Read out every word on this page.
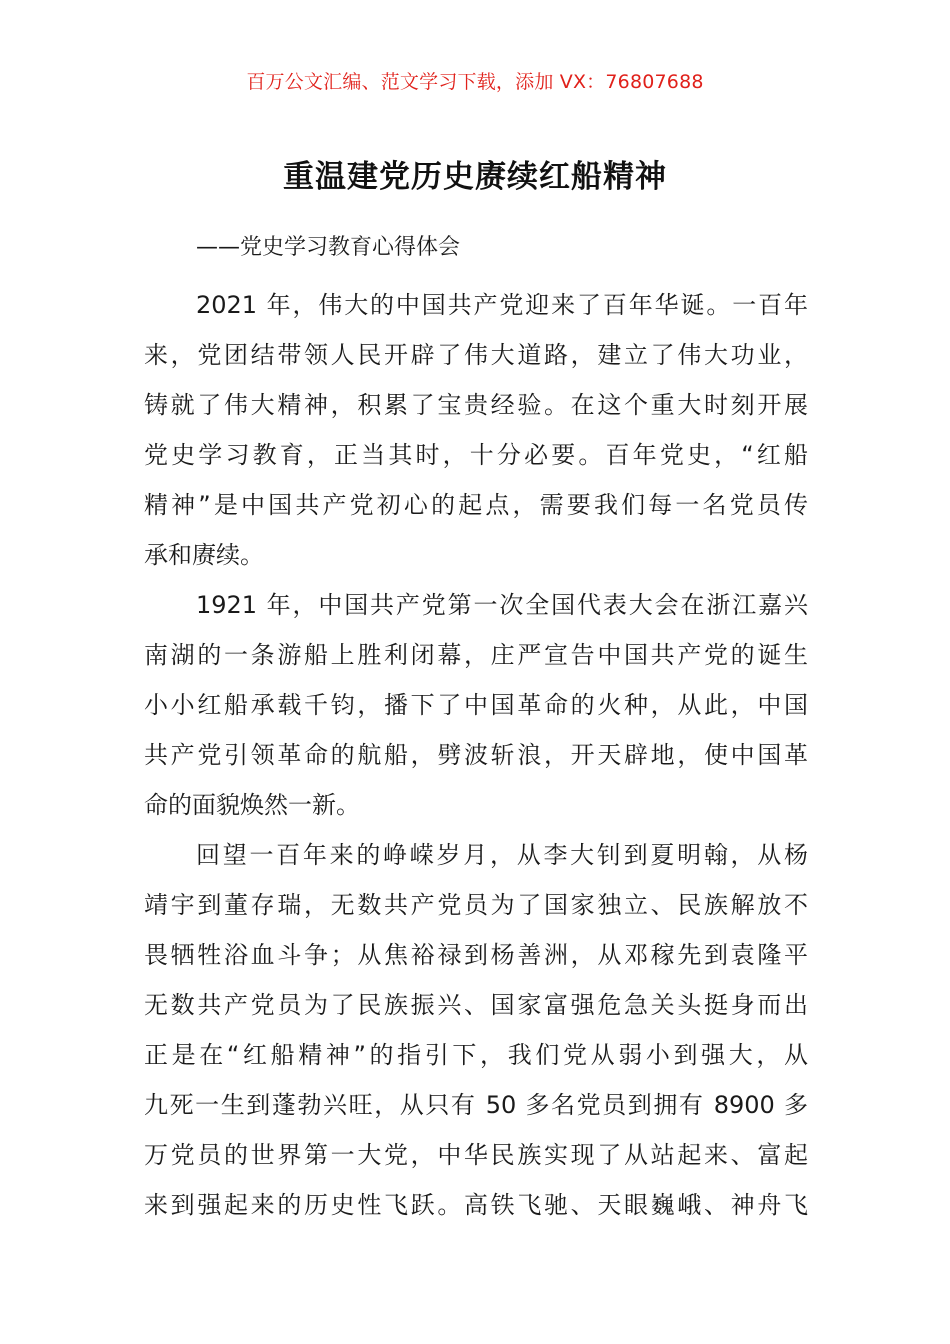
百万公文汇编、范文学习下载，添加 VX：76807688
重温建党历史赓续红船精神
——党史学习教育心得体会
2021 年，伟大的中国共产党迎来了百年华诞。一百年
来，党团结带领人民开辟了伟大道路，建立了伟大功业，
铸就了伟大精神，积累了宝贵经验。在这个重大时刻开展
党史学习教育，正当其时，十分必要。百年党史，“红船
精神”是中国共产党初心的起点，需要我们每一名党员传
承和赓续。
1921 年，中国共产党第一次全国代表大会在浙江嘉兴
南湖的一条游船上胜利闭幕，庄严宣告中国共产党的诞生
小小红船承载千钧，播下了中国革命的火种，从此，中国
共产党引领革命的航船，劈波斩浪，开天辟地，使中国革
命的面貌焕然一新。
回望一百年来的峥嵘岁月，从李大钊到夏明翰，从杨
靖宇到董存瑞，无数共产党员为了国家独立、民族解放不
畏牺牲浴血斗争；从焦裕禄到杨善洲，从邓稼先到袁隆平
无数共产党员为了民族振兴、国家富强危急关头挺身而出
正是在“红船精神”的指引下，我们党从弱小到强大，从
九死一生到蓬勃兴旺，从只有 50 多名党员到拥有 8900 多
万党员的世界第一大党，中华民族实现了从站起来、富起
来到强起来的历史性飞跃。高铁飞驰、天眼巍峨、神舟飞
